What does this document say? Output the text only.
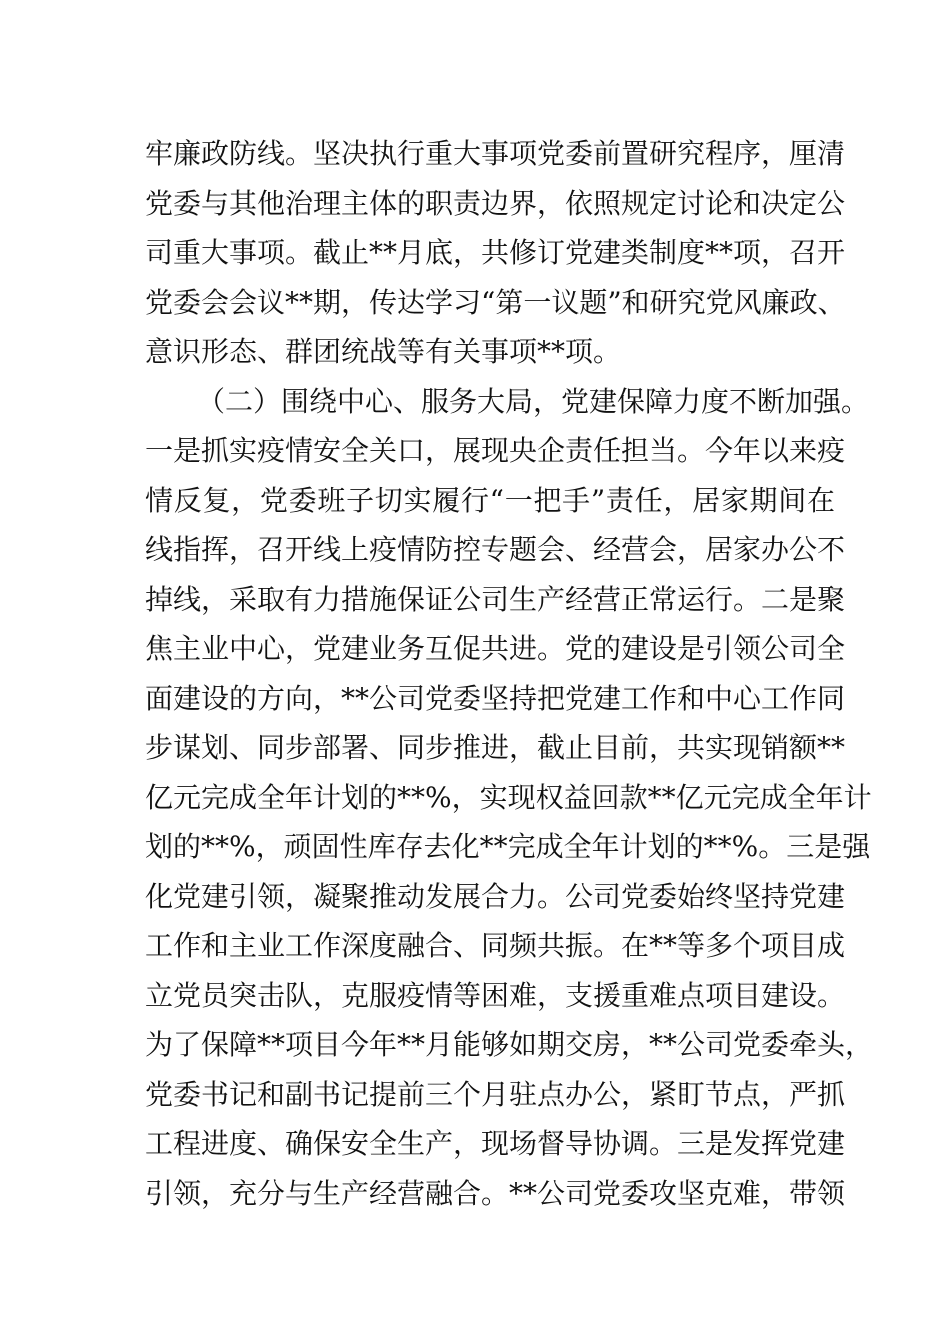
牢廉政防线。坚决执行重大事项党委前置研究程序，厘清
党委与其他治理主体的职责边界，依照规定讨论和决定公
司重大事项。截止**月底，共修订党建类制度**项，召开
党委会会议**期，传达学习“第一议题”和研究党风廉政、
意识形态、群团统战等有关事项**项。
（二）围绕中心、服务大局，党建保障力度不断加强。
一是抓实疫情安全关口，展现央企责任担当。今年以来疫
情反复，党委班子切实履行“一把手”责任，居家期间在
线指挥，召开线上疫情防控专题会、经营会，居家办公不
掉线，采取有力措施保证公司生产经营正常运行。二是聚
焦主业中心，党建业务互促共进。党的建设是引领公司全
面建设的方向，**公司党委坚持把党建工作和中心工作同
步谋划、同步部署、同步推进，截止目前，共实现销额**
亿元完成全年计划的**%，实现权益回款**亿元完成全年计
划的**%，顽固性库存去化**完成全年计划的**%。三是强
化党建引领，凝聚推动发展合力。公司党委始终坚持党建
工作和主业工作深度融合、同频共振。在**等多个项目成
立党员突击队，克服疫情等困难，支援重难点项目建设。
为了保障**项目今年**月能够如期交房，**公司党委牵头，
党委书记和副书记提前三个月驻点办公，紧盯节点，严抓
工程进度、确保安全生产，现场督导协调。三是发挥党建
引领，充分与生产经营融合。**公司党委攻坚克难，带领
